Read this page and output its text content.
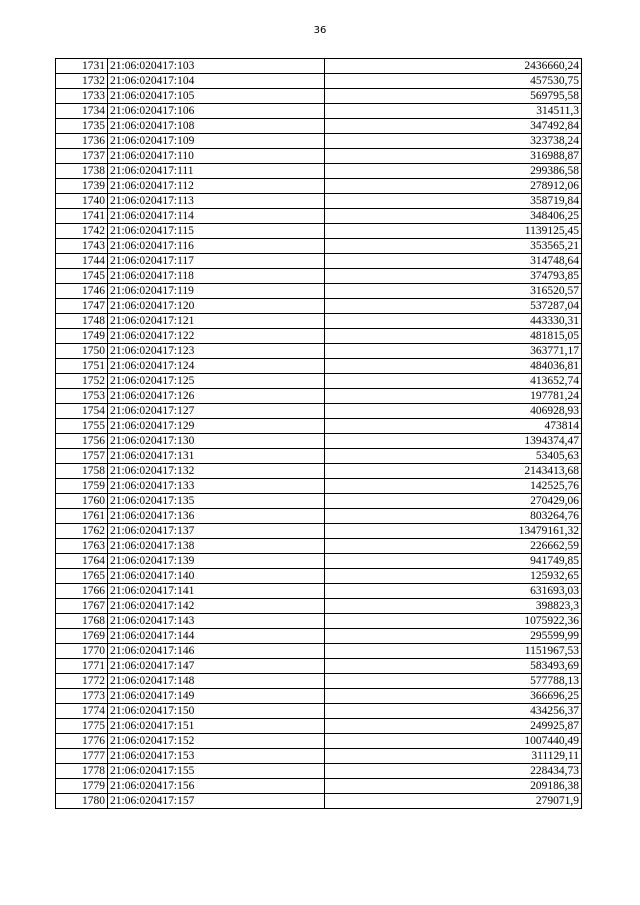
36
1731	21:06:020417:103	2436660,24
1732	21:06:020417:104	457530,75
1733	21:06:020417:105	569795,58
1734	21:06:020417:106	314511,3
1735	21:06:020417:108	347492,84
1736	21:06:020417:109	323738,24
1737	21:06:020417:110	316988,87
1738	21:06:020417:111	299386,58
1739	21:06:020417:112	278912,06
1740	21:06:020417:113	358719,84
1741	21:06:020417:114	348406,25
1742	21:06:020417:115	1139125,45
1743	21:06:020417:116	353565,21
1744	21:06:020417:117	314748,64
1745	21:06:020417:118	374793,85
1746	21:06:020417:119	316520,57
1747	21:06:020417:120	537287,04
1748	21:06:020417:121	443330,31
1749	21:06:020417:122	481815,05
1750	21:06:020417:123	363771,17
1751	21:06:020417:124	484036,81
1752	21:06:020417:125	413652,74
1753	21:06:020417:126	197781,24
1754	21:06:020417:127	406928,93
1755	21:06:020417:129	473814
1756	21:06:020417:130	1394374,47
1757	21:06:020417:131	53405,63
1758	21:06:020417:132	2143413,68
1759	21:06:020417:133	142525,76
1760	21:06:020417:135	270429,06
1761	21:06:020417:136	803264,76
1762	21:06:020417:137	13479161,32
1763	21:06:020417:138	226662,59
1764	21:06:020417:139	941749,85
1765	21:06:020417:140	125932,65
1766	21:06:020417:141	631693,03
1767	21:06:020417:142	398823,3
1768	21:06:020417:143	1075922,36
1769	21:06:020417:144	295599,99
1770	21:06:020417:146	1151967,53
1771	21:06:020417:147	583493,69
1772	21:06:020417:148	577788,13
1773	21:06:020417:149	366696,25
1774	21:06:020417:150	434256,37
1775	21:06:020417:151	249925,87
1776	21:06:020417:152	1007440,49
1777	21:06:020417:153	311129,11
1778	21:06:020417:155	228434,73
1779	21:06:020417:156	209186,38
1780	21:06:020417:157	279071,9
